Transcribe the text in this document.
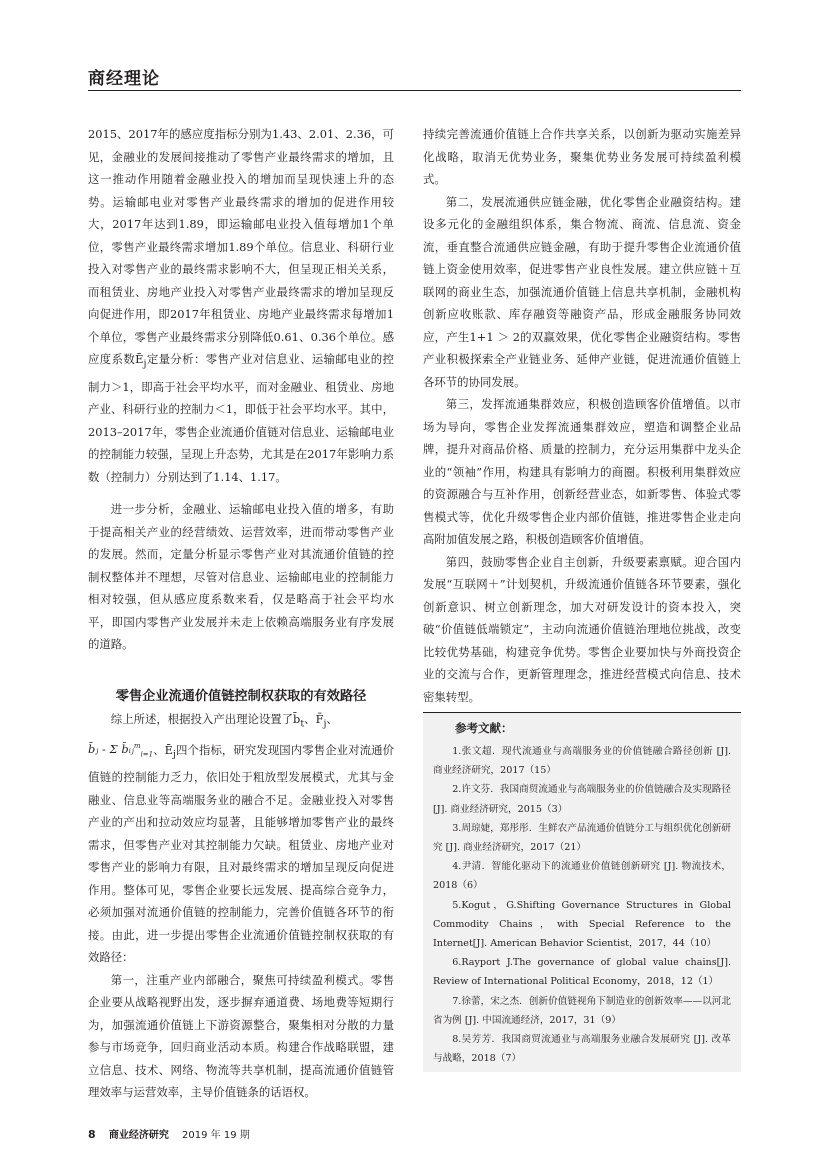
商经理论

2015、2017年的感应度指标分别为1.43、2.01、2.36，可见，金融业的发展间接推动了零售产业最终需求的增加，且这一推动作用随着金融业投入的增加而呈现快速上升的态势。运输邮电业对零售产业最终需求的增加的促进作用较大，2017年达到1.89，即运输邮电业投入值每增加1个单位，零售产业最终需求增加1.89个单位。信息业、科研行业投入对零售产业的最终需求影响不大，但呈现正相关关系，而租赁业、房地产业投入对零售产业最终需求的增加呈现反向促进作用，即2017年租赁业、房地产业最终需求每增加1个单位，零售产业最终需求分别降低0.61、0.36个单位。感应度系数$Ē_j$定量分析：零售产业对信息业、运输邮电业的控制力＞1，即高于社会平均水平，而对金融业、租赁业、房地产业、科研行业的控制力＜1，即低于社会平均水平。其中，2013–2017年，零售企业流通价值链对信息业、运输邮电业的控制能力较强，呈现上升态势，尤其是在2017年影响力系数（控制力）分别达到了1.14、1.17。

进一步分析，金融业、运输邮电业投入值的增多，有助于提高相关产业的经营绩效、运营效率，进而带动零售产业的发展。然而，定量分析显示零售产业对其流通价值链的控制权整体并不理想，尽管对信息业、运输邮电业的控制能力相对较强，但从感应度系数来看，仅是略高于社会平均水平，即国内零售产业发展并未走上依赖高端服务业有序发展的道路。

零售企业流通价值链控制权获取的有效路径

综上所述，根据投入产出理论设置了$b̄_t$、$F̄_j$、

b̄ⱼ - Σ b̄ᵢⱼ$^m_{i=1}$、$Ē_j$四个指标，研究发现国内零售企业对流通价值链的控制能力乏力，依旧处于粗放型发展模式，尤其与金融业、信息业等高端服务业的融合不足。金融业投入对零售产业的产出和拉动效应均显著，且能够增加零售产业的最终需求，但零售产业对其控制能力欠缺。租赁业、房地产业对零售产业的影响力有限，且对最终需求的增加呈现反向促进作用。整体可见，零售企业要长远发展、提高综合竞争力，必须加强对流通价值链的控制能力，完善价值链各环节的衔接。由此，进一步提出零售企业流通价值链控制权获取的有效路径：

第一，注重产业内部融合，聚焦可持续盈利模式。零售企业要从战略视野出发，逐步摒弃通道费、场地费等短期行为，加强流通价值链上下游资源整合，聚集相对分散的力量参与市场竞争，回归商业活动本质。构建合作战略联盟，建立信息、技术、网络、物流等共享机制，提高流通价值链管理效率与运营效率，主导价值链条的话语权。

持续完善流通价值链上合作共享关系，以创新为驱动实施差异化战略，取消无优势业务，聚集优势业务发展可持续盈利模式。

第二，发展流通供应链金融，优化零售企业融资结构。建设多元化的金融组织体系，集合物流、商流、信息流、资金流，垂直整合流通供应链金融，有助于提升零售企业流通价值链上资金使用效率，促进零售产业良性发展。建立供应链＋互联网的商业生态，加强流通价值链上信息共享机制，金融机构创新应收账款、库存融资等融资产品，形成金融服务协同效应，产生1+1 ＞ 2的双赢效果，优化零售企业融资结构。零售产业积极探索全产业链业务、延伸产业链，促进流通价值链上各环节的协同发展。

第三，发挥流通集群效应，积极创造顾客价值增值。以市场为导向，零售企业发挥流通集群效应，塑造和调整企业品牌，提升对商品价格、质量的控制力，充分运用集群中龙头企业的“领袖”作用，构建具有影响力的商圈。积极利用集群效应的资源融合与互补作用，创新经营业态，如新零售、体验式零售模式等，优化升级零售企业内部价值链，推进零售企业走向高附加值发展之路，积极创造顾客价值增值。

第四，鼓励零售企业自主创新，升级要素禀赋。迎合国内发展“互联网＋”计划契机，升级流通价值链各环节要素，强化创新意识、树立创新理念，加大对研发设计的资本投入，突破“价值链低端锁定”，主动向流通价值链治理地位挑战，改变比较优势基础，构建竞争优势。零售企业要加快与外商投资企业的交流与合作，更新管理理念，推进经营模式向信息、技术密集转型。

参考文献：

1.张文超．现代流通业与高端服务业的价值链融合路径创新 [J]. 商业经济研究，2017（15）

2.许文芬．我国商贸流通业与高端服务业的价值链融合及实现路径 [J]. 商业经济研究，2015（3）

3.周琼婕，郑彤彤．生鲜农产品流通价值链分工与组织优化创新研究 [J]. 商业经济研究，2017（21）

4.尹清．智能化驱动下的流通业价值链创新研究 [J]. 物流技术，2018（6）

5.Kogut，G.Shifting Governance Structures in Global Commodity Chains，with Special Reference to the Internet[J]. American Behavior Scientist，2017，44（10）

6.Rayport J.The governance of global value chains[J]. Review of International Political Economy，2018，12（1）

7.徐蕾，宋之杰．创新价值链视角下制造业的创新效率——以河北省为例 [J]. 中国流通经济，2017，31（9）

8.吴芳芳．我国商贸流通业与高端服务业融合发展研究 [J]. 改革与战略，2018（7）

8 商业经济研究 2019 年 19 期
